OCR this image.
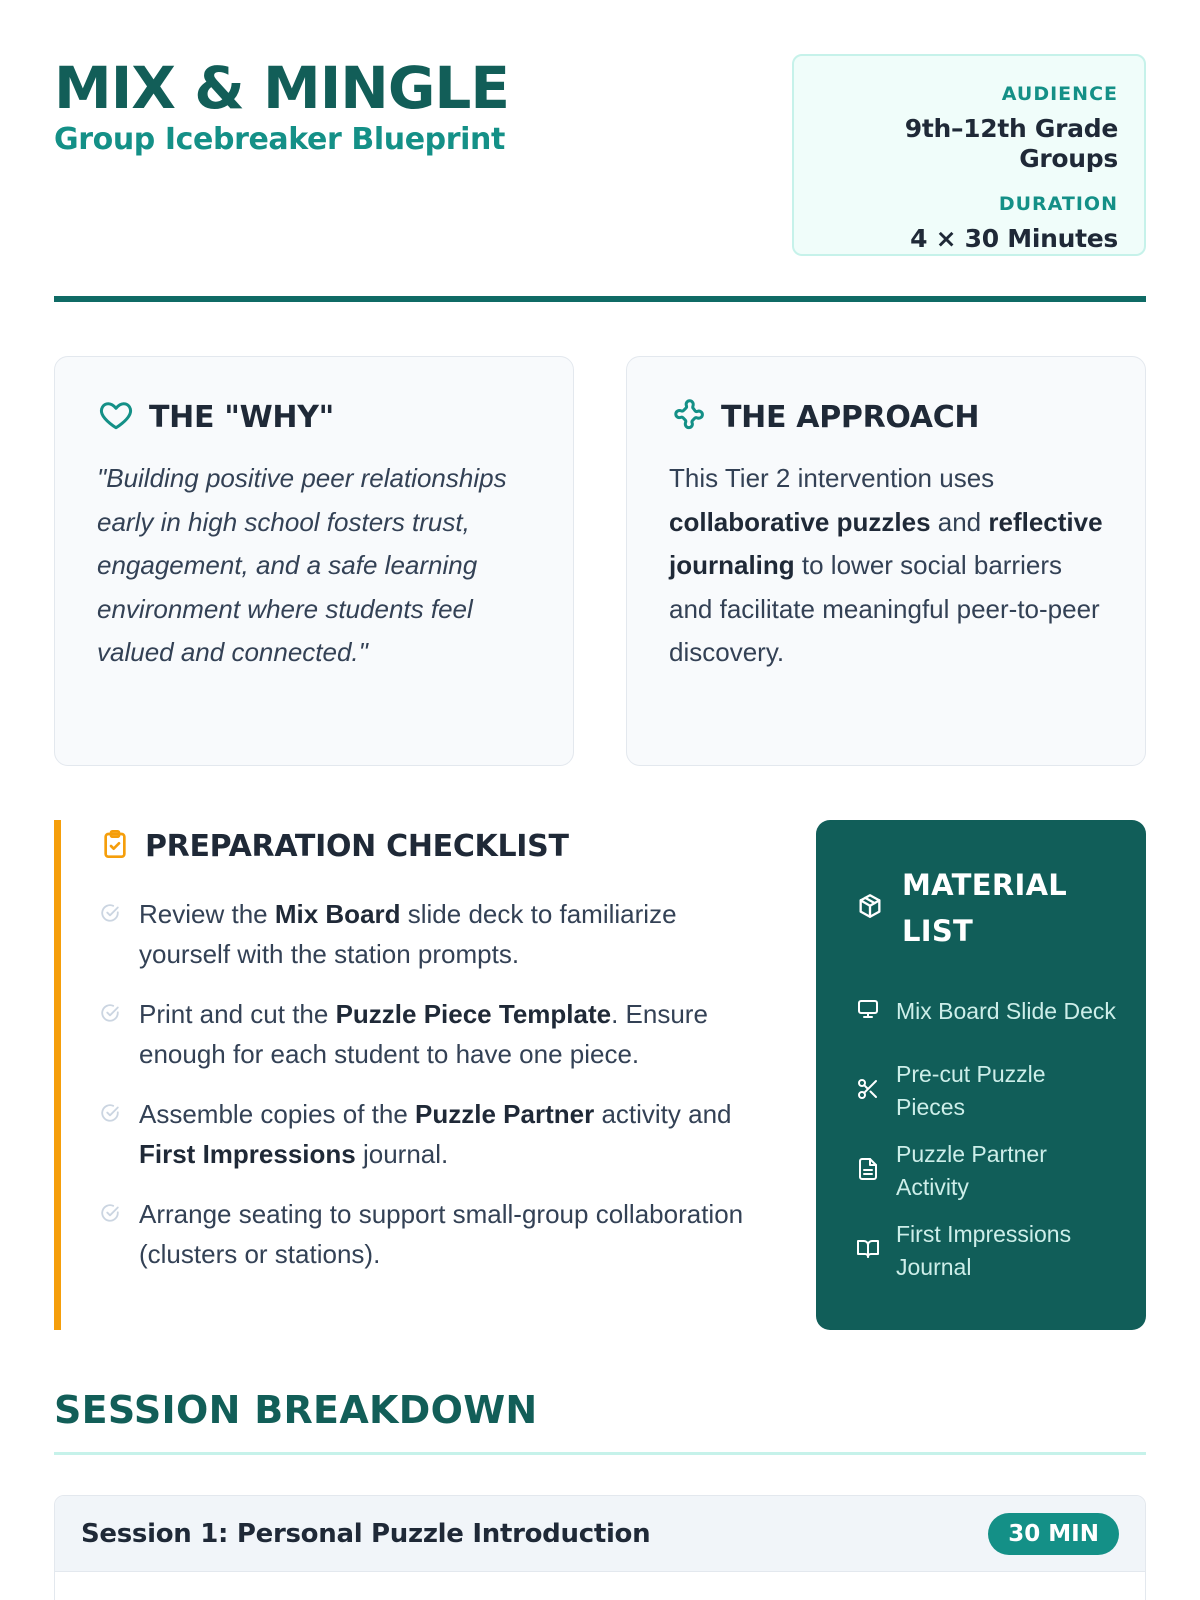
MIX & MINGLE
Group Icebreaker Blueprint
AUDIENCE
9th–12th Grade Groups
DURATION
4 × 30 Minutes
THE "WHY"
"Building positive peer relationships early in high school fosters trust, engagement, and a safe learning environment where students feel valued and connected."
THE APPROACH
This Tier 2 intervention uses collaborative puzzles and reflective journaling to lower social barriers and facilitate meaningful peer-to-peer discovery.
PREPARATION CHECKLIST
Review the Mix Board slide deck to familiarize yourself with the station prompts.
Print and cut the Puzzle Piece Template. Ensure enough for each student to have one piece.
Assemble copies of the Puzzle Partner activity and First Impressions journal.
Arrange seating to support small-group collaboration (clusters or stations).
MATERIAL LIST
Mix Board Slide Deck
Pre-cut Puzzle Pieces
Puzzle Partner Activity
First Impressions Journal
SESSION BREAKDOWN
Session 1: Personal Puzzle Introduction	30 MIN
